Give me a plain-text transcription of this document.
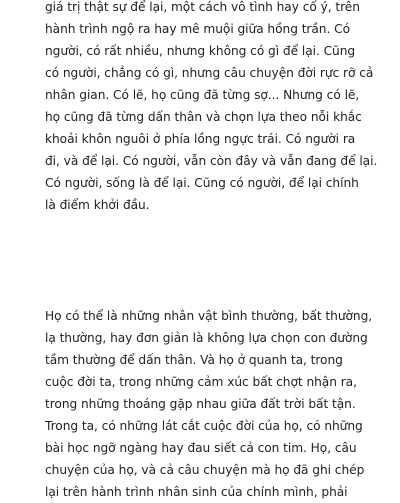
giá trị thật sự để lại, một cách vô tình hay cố ý, trên
hành trình ngộ ra hay mê muội giữa hồng trần. Có
người, có rất nhiều, nhưng không có gì để lại. Cũng
có người, chẳng có gì, nhưng câu chuyện đời rực rỡ cả
nhân gian. Có lẽ, họ cũng đã từng sợ... Nhưng có lẽ,
họ cũng đã từng dấn thân và chọn lựa theo nỗi khắc
khoải khôn nguôi ở phía lồng ngực trái. Có người ra
đi, và để lại. Có người, vẫn còn đây và vẫn đang để lại.
Có người, sống là để lại. Cũng có người, để lại chính
là điểm khởi đầu.
Họ có thể là những nhân vật bình thường, bất thường,
lạ thường, hay đơn giản là không lựa chọn con đường
tầm thường để dấn thân. Và họ ở quanh ta, trong
cuộc đời ta, trong những cảm xúc bất chợt nhận ra,
trong những thoáng gặp nhau giữa đất trời bất tận.
Trong ta, có những lát cắt cuộc đời của họ, có những
bài học ngỡ ngàng hay đau siết cả con tim. Họ, câu
chuyện của họ, và cả câu chuyện mà họ đã ghi chép
lại trên hành trình nhân sinh của chính mình, phải
